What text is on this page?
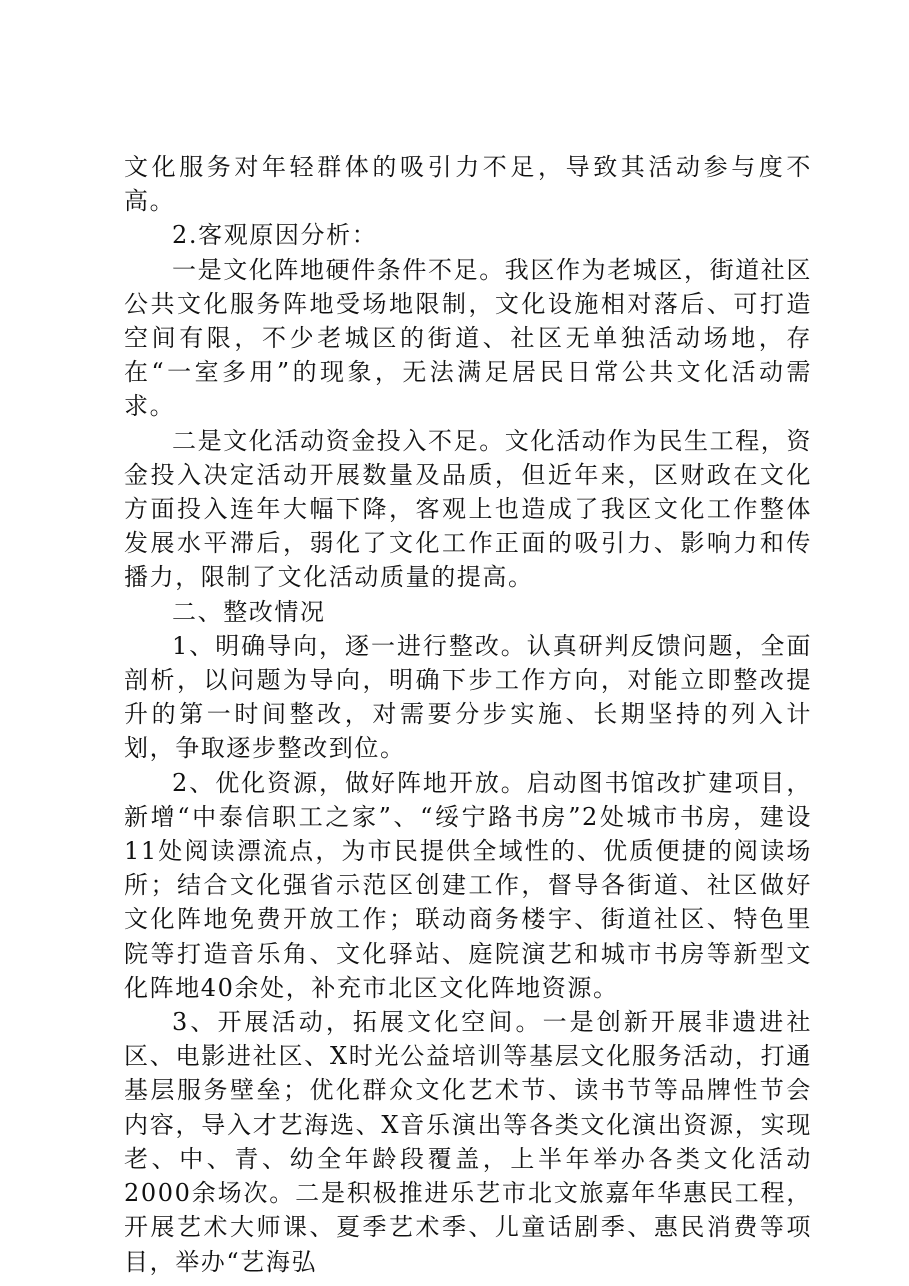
文化服务对年轻群体的吸引力不足，导致其活动参与度不高。

2.客观原因分析：

一是文化阵地硬件条件不足。我区作为老城区，街道社区公共文化服务阵地受场地限制，文化设施相对落后、可打造空间有限，不少老城区的街道、社区无单独活动场地，存在“一室多用”的现象，无法满足居民日常公共文化活动需求。

二是文化活动资金投入不足。文化活动作为民生工程，资金投入决定活动开展数量及品质，但近年来，区财政在文化方面投入连年大幅下降，客观上也造成了我区文化工作整体发展水平滞后，弱化了文化工作正面的吸引力、影响力和传播力，限制了文化活动质量的提高。

二、整改情况

1、明确导向，逐一进行整改。认真研判反馈问题，全面剖析，以问题为导向，明确下步工作方向，对能立即整改提升的第一时间整改，对需要分步实施、长期坚持的列入计划，争取逐步整改到位。

2、优化资源，做好阵地开放。启动图书馆改扩建项目，新增“中泰信职工之家”、“绥宁路书房”2处城市书房，建设11处阅读漂流点，为市民提供全域性的、优质便捷的阅读场所；结合文化强省示范区创建工作，督导各街道、社区做好文化阵地免费开放工作；联动商务楼宇、街道社区、特色里院等打造音乐角、文化驿站、庭院演艺和城市书房等新型文化阵地40余处，补充市北区文化阵地资源。

3、开展活动，拓展文化空间。一是创新开展非遗进社区、电影进社区、X时光公益培训等基层文化服务活动，打通基层服务壁垒；优化群众文化艺术节、读书节等品牌性节会内容，导入才艺海选、X音乐演出等各类文化演出资源，实现老、中、青、幼全年龄段覆盖，上半年举办各类文化活动2000余场次。二是积极推进乐艺市北文旅嘉年华惠民工程，开展艺术大师课、夏季艺术季、儿童话剧季、惠民消费等项目，举办“艺海弘
